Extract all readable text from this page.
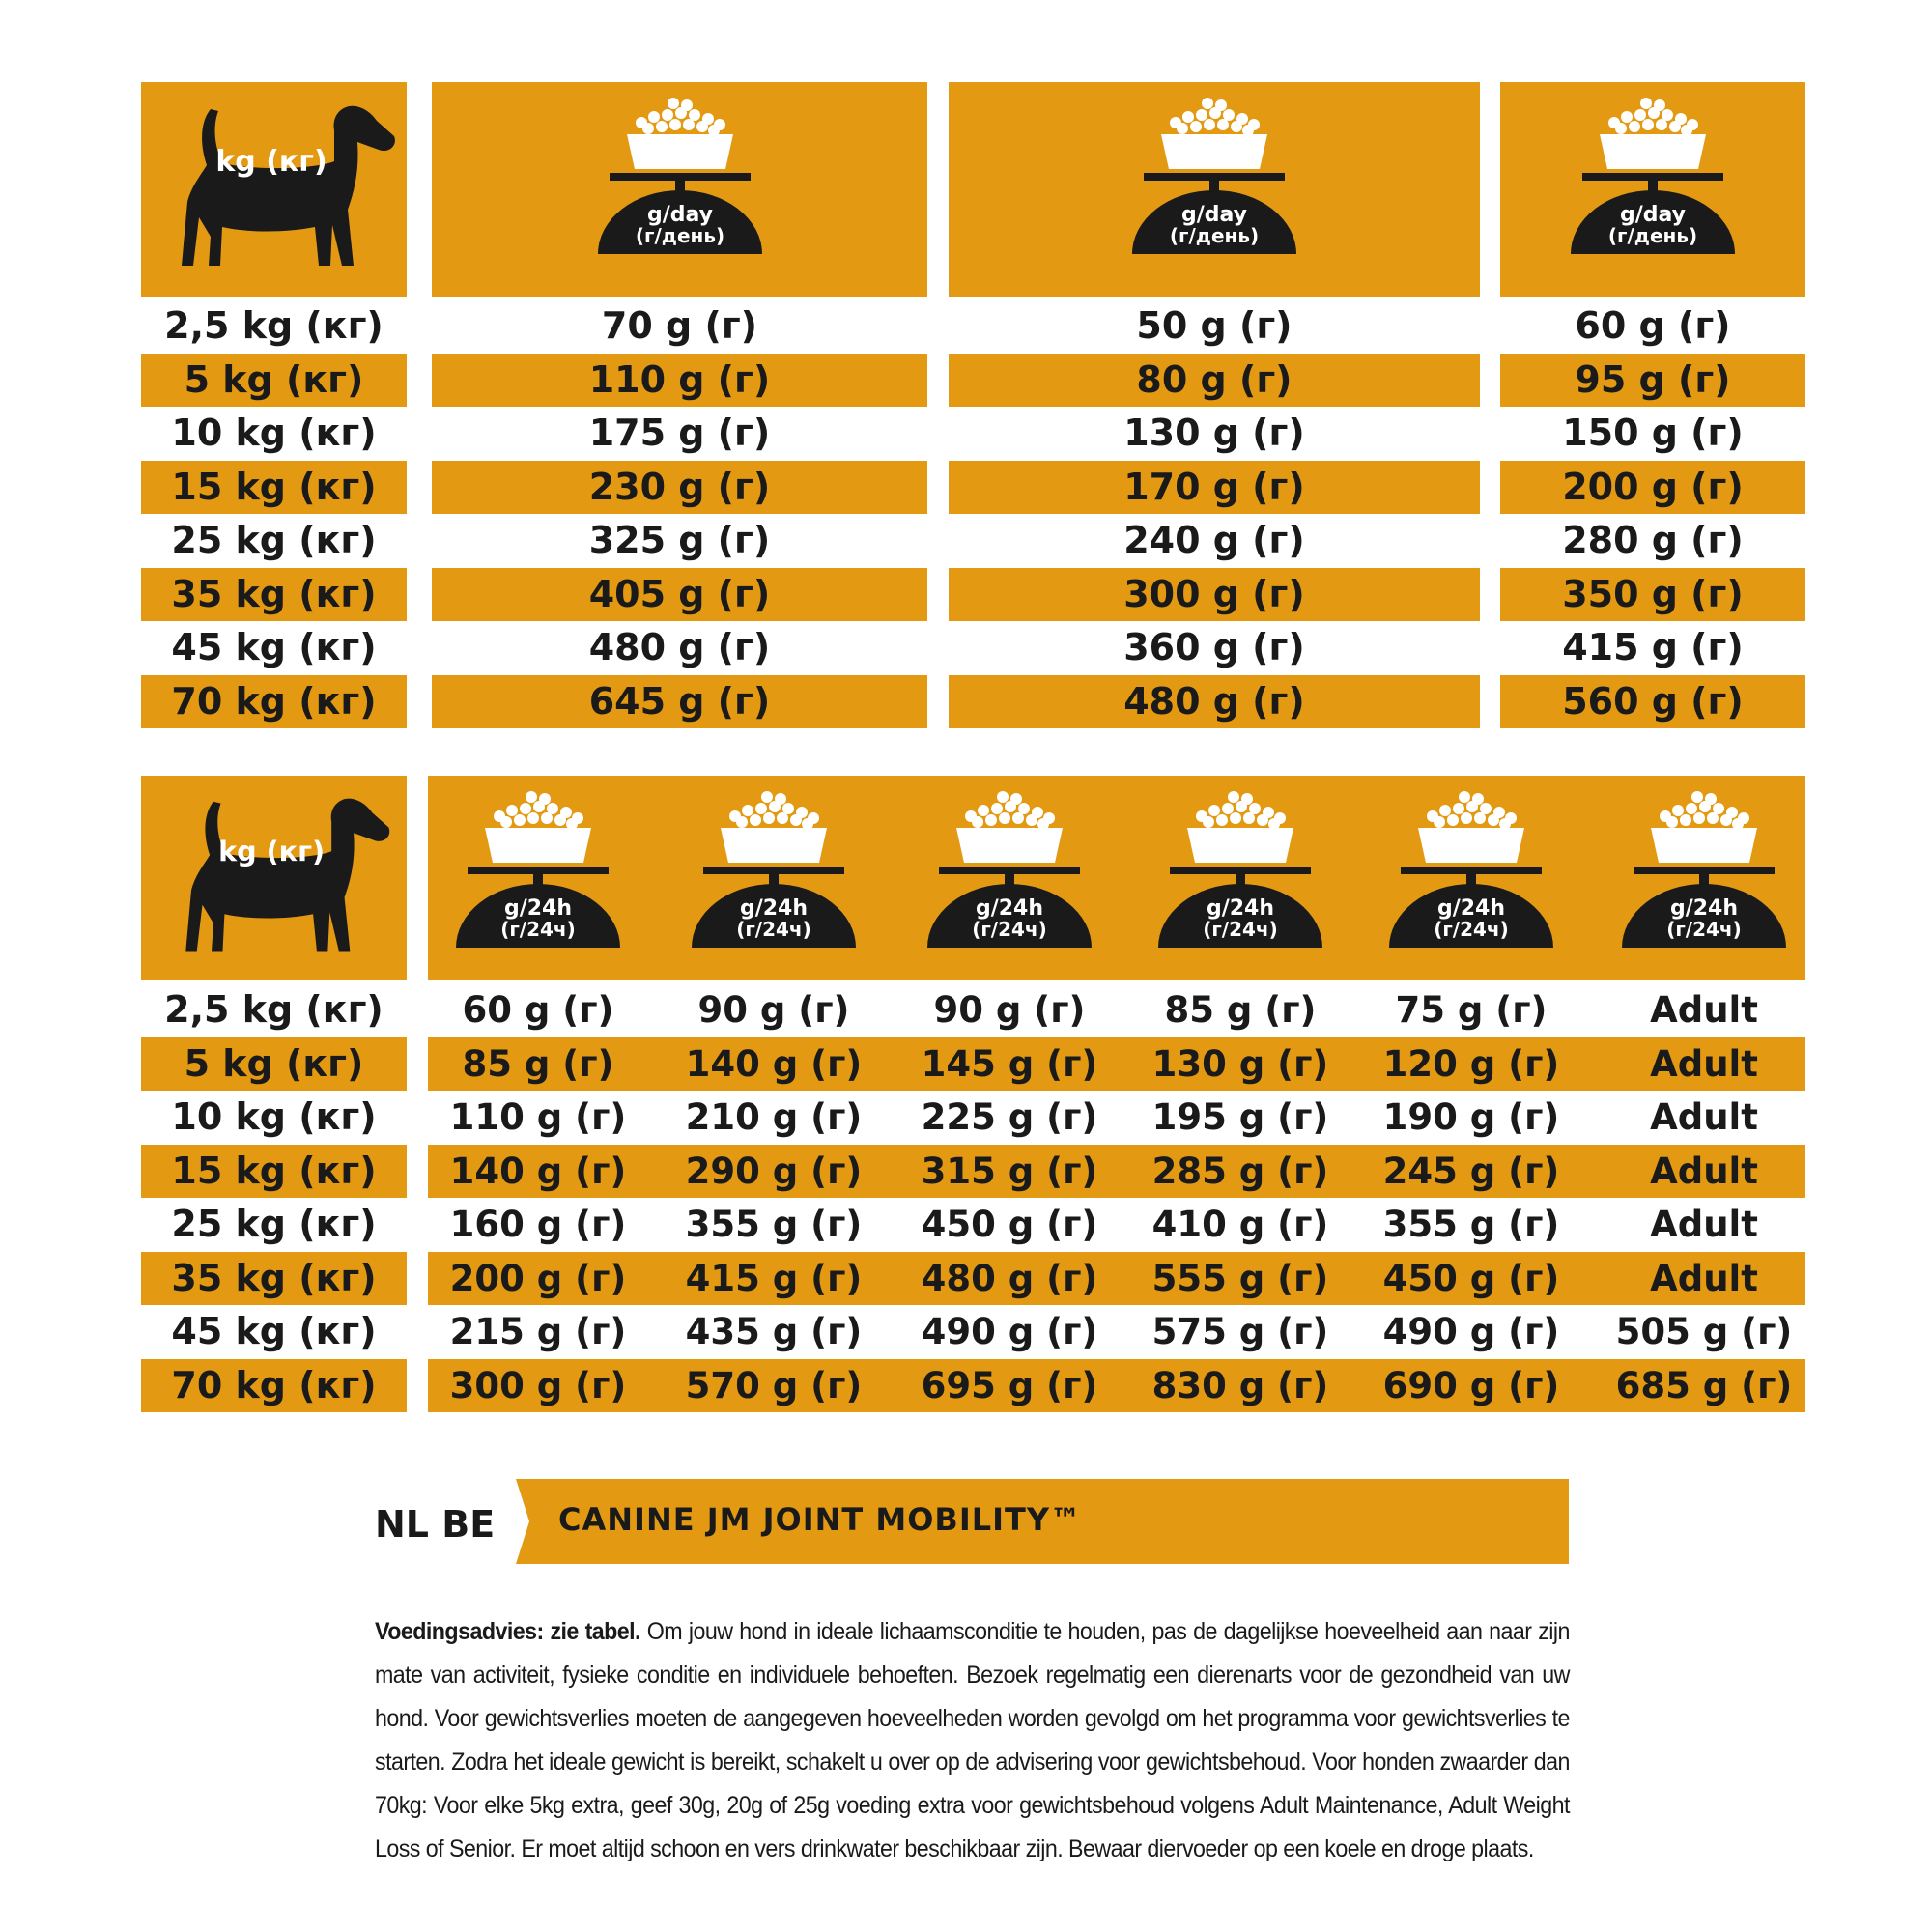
kg (кг)
g/day
(г/день)
g/day
(г/день)
g/day
(г/день)
2,5 kg (кг)	70 g (г)	50 g (г)	60 g (г)
5 kg (кг)	110 g (г)	80 g (г)	95 g (г)
10 kg (кг)	175 g (г)	130 g (г)	150 g (г)
15 kg (кг)	230 g (г)	170 g (г)	200 g (г)
25 kg (кг)	325 g (г)	240 g (г)	280 g (г)
35 kg (кг)	405 g (г)	300 g (г)	350 g (г)
45 kg (кг)	480 g (г)	360 g (г)	415 g (г)
70 kg (кг)	645 g (г)	480 g (г)	560 g (г)
kg (кг)
g/24h
(г/24ч)
g/24h
(г/24ч)
g/24h
(г/24ч)
g/24h
(г/24ч)
g/24h
(г/24ч)
g/24h
(г/24ч)
2,5 kg (кг)	60 g (г)	90 g (г)	90 g (г)	85 g (г)	75 g (г)	Adult
5 kg (кг)	85 g (г)	140 g (г)	145 g (г)	130 g (г)	120 g (г)	Adult
10 kg (кг)	110 g (г)	210 g (г)	225 g (г)	195 g (г)	190 g (г)	Adult
15 kg (кг)	140 g (г)	290 g (г)	315 g (г)	285 g (г)	245 g (г)	Adult
25 kg (кг)	160 g (г)	355 g (г)	450 g (г)	410 g (г)	355 g (г)	Adult
35 kg (кг)	200 g (г)	415 g (г)	480 g (г)	555 g (г)	450 g (г)	Adult
45 kg (кг)	215 g (г)	435 g (г)	490 g (г)	575 g (г)	490 g (г)	505 g (г)
70 kg (кг)	300 g (г)	570 g (г)	695 g (г)	830 g (г)	690 g (г)	685 g (г)
NL BE CANINE JM JOINT MOBILITY™
Voedingsadvies: zie tabel. Om jouw hond in ideale lichaamsconditie te houden, pas de dagelijkse hoeveelheid aan naar zijn mate van activiteit, fysieke conditie en individuele behoeften. Bezoek regelmatig een dierenarts voor de gezondheid van uw hond. Voor gewichtsverlies moeten de aangegeven hoeveelheden worden gevolgd om het programma voor gewichtsverlies te starten. Zodra het ideale gewicht is bereikt, schakelt u over op de advisering voor gewichtsbehoud. Voor honden zwaarder dan 70kg: Voor elke 5kg extra, geef 30g, 20g of 25g voeding extra voor gewichtsbehoud volgens Adult Maintenance, Adult Weight Loss of Senior. Er moet altijd schoon en vers drinkwater beschikbaar zijn. Bewaar diervoeder op een koele en droge plaats.
